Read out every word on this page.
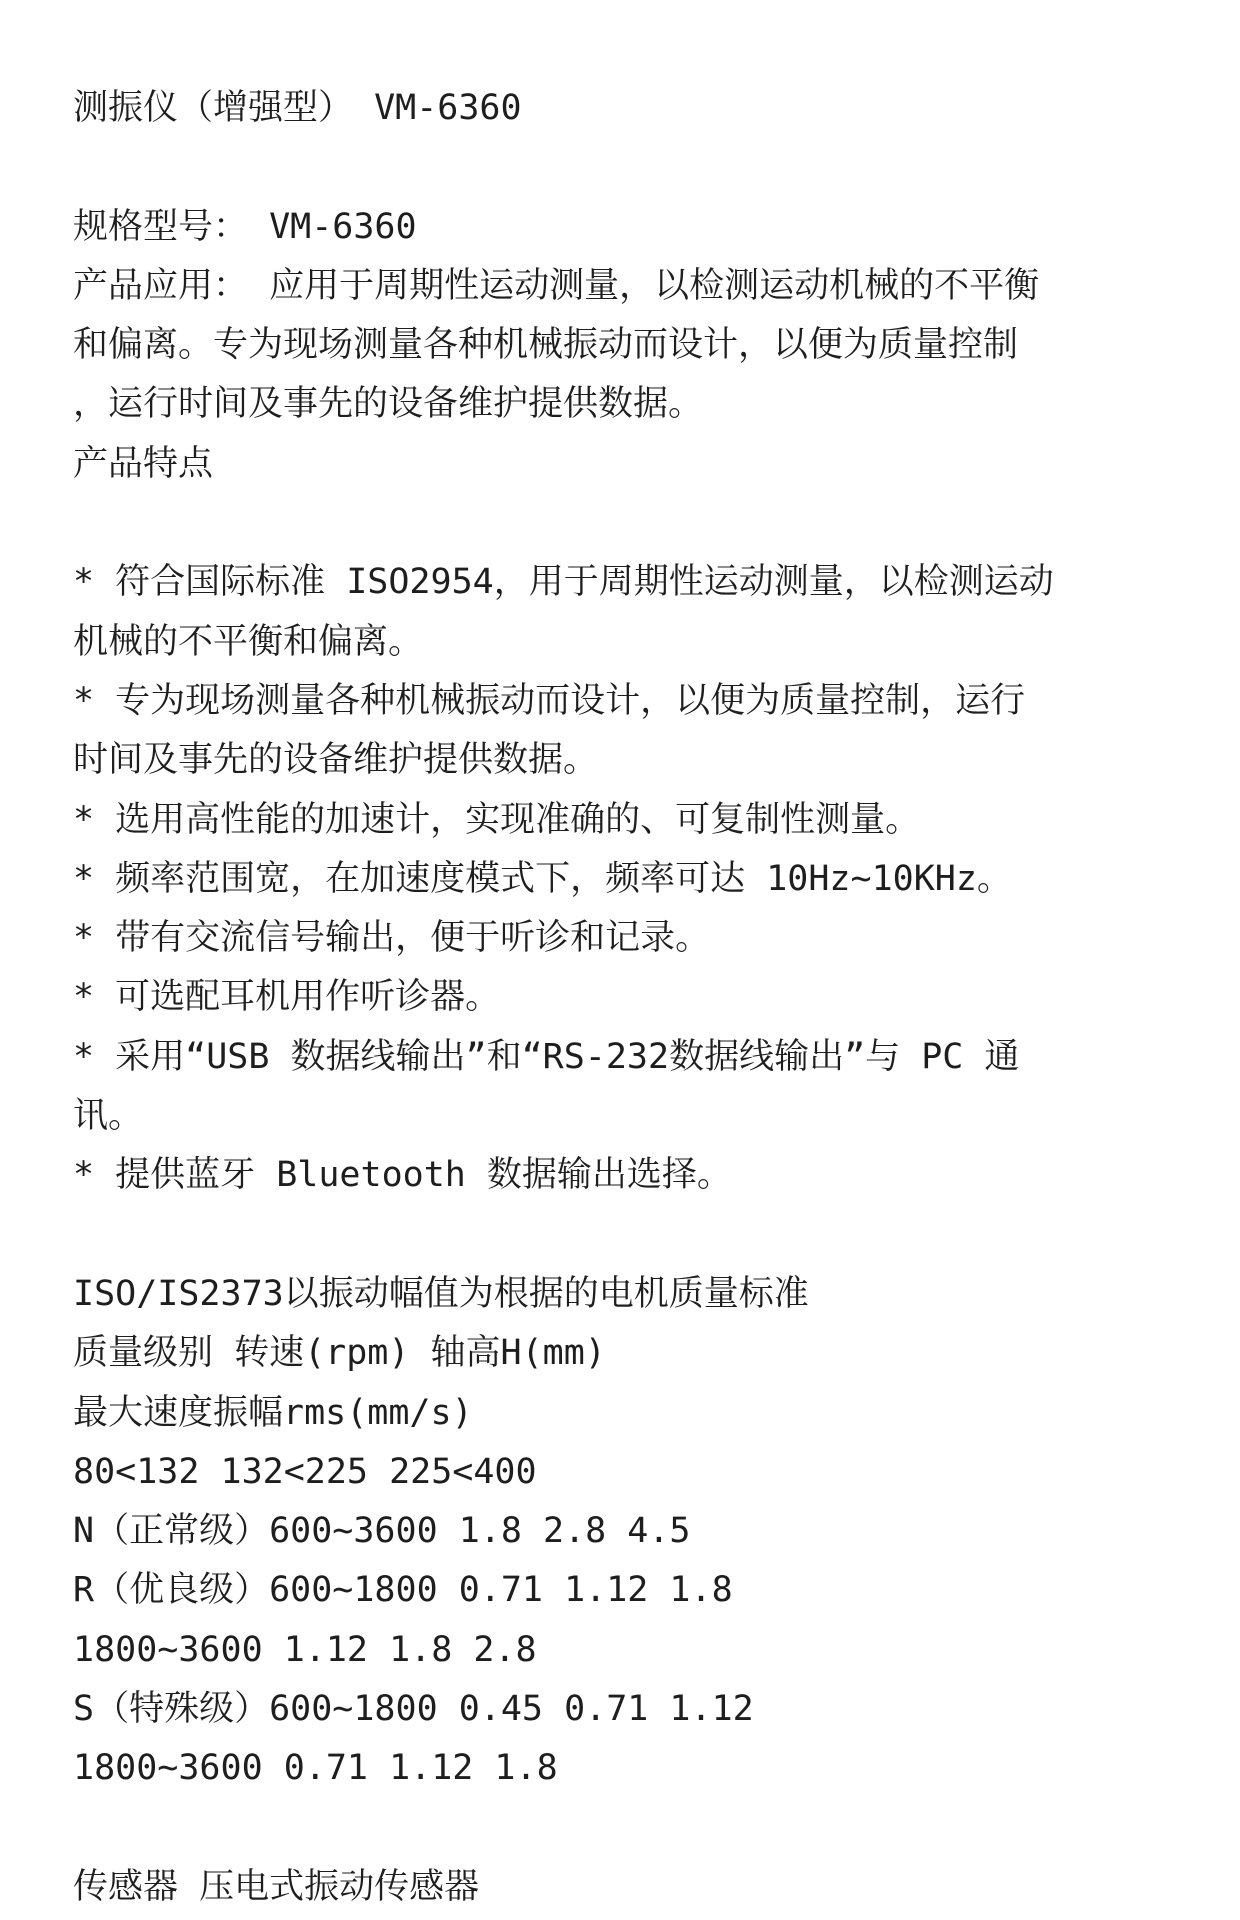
测振仪（增强型） VM-6360
规格型号： VM-6360
产品应用： 应用于周期性运动测量，以检测运动机械的不平衡
和偏离。专为现场测量各种机械振动而设计，以便为质量控制
，运行时间及事先的设备维护提供数据。
产品特点
* 符合国际标准 ISO2954，用于周期性运动测量，以检测运动
机械的不平衡和偏离。
* 专为现场测量各种机械振动而设计，以便为质量控制，运行
时间及事先的设备维护提供数据。
* 选用高性能的加速计，实现准确的、可复制性测量。
* 频率范围宽，在加速度模式下，频率可达 10Hz~10KHz。
* 带有交流信号输出，便于听诊和记录。
* 可选配耳机用作听诊器。
* 采用“USB 数据线输出”和“RS-232数据线输出”与 PC 通
讯。
* 提供蓝牙 Bluetooth 数据输出选择。
ISO/IS2373以振动幅值为根据的电机质量标准
质量级别 转速(rpm) 轴高H(mm)
最大速度振幅rms(mm/s)
80<132 132<225 225<400
N（正常级）600~3600 1.8 2.8 4.5
R（优良级）600~1800 0.71 1.12 1.8
1800~3600 1.12 1.8 2.8
S（特殊级）600~1800 0.45 0.71 1.12
1800~3600 0.71 1.12 1.8
传感器 压电式振动传感器
